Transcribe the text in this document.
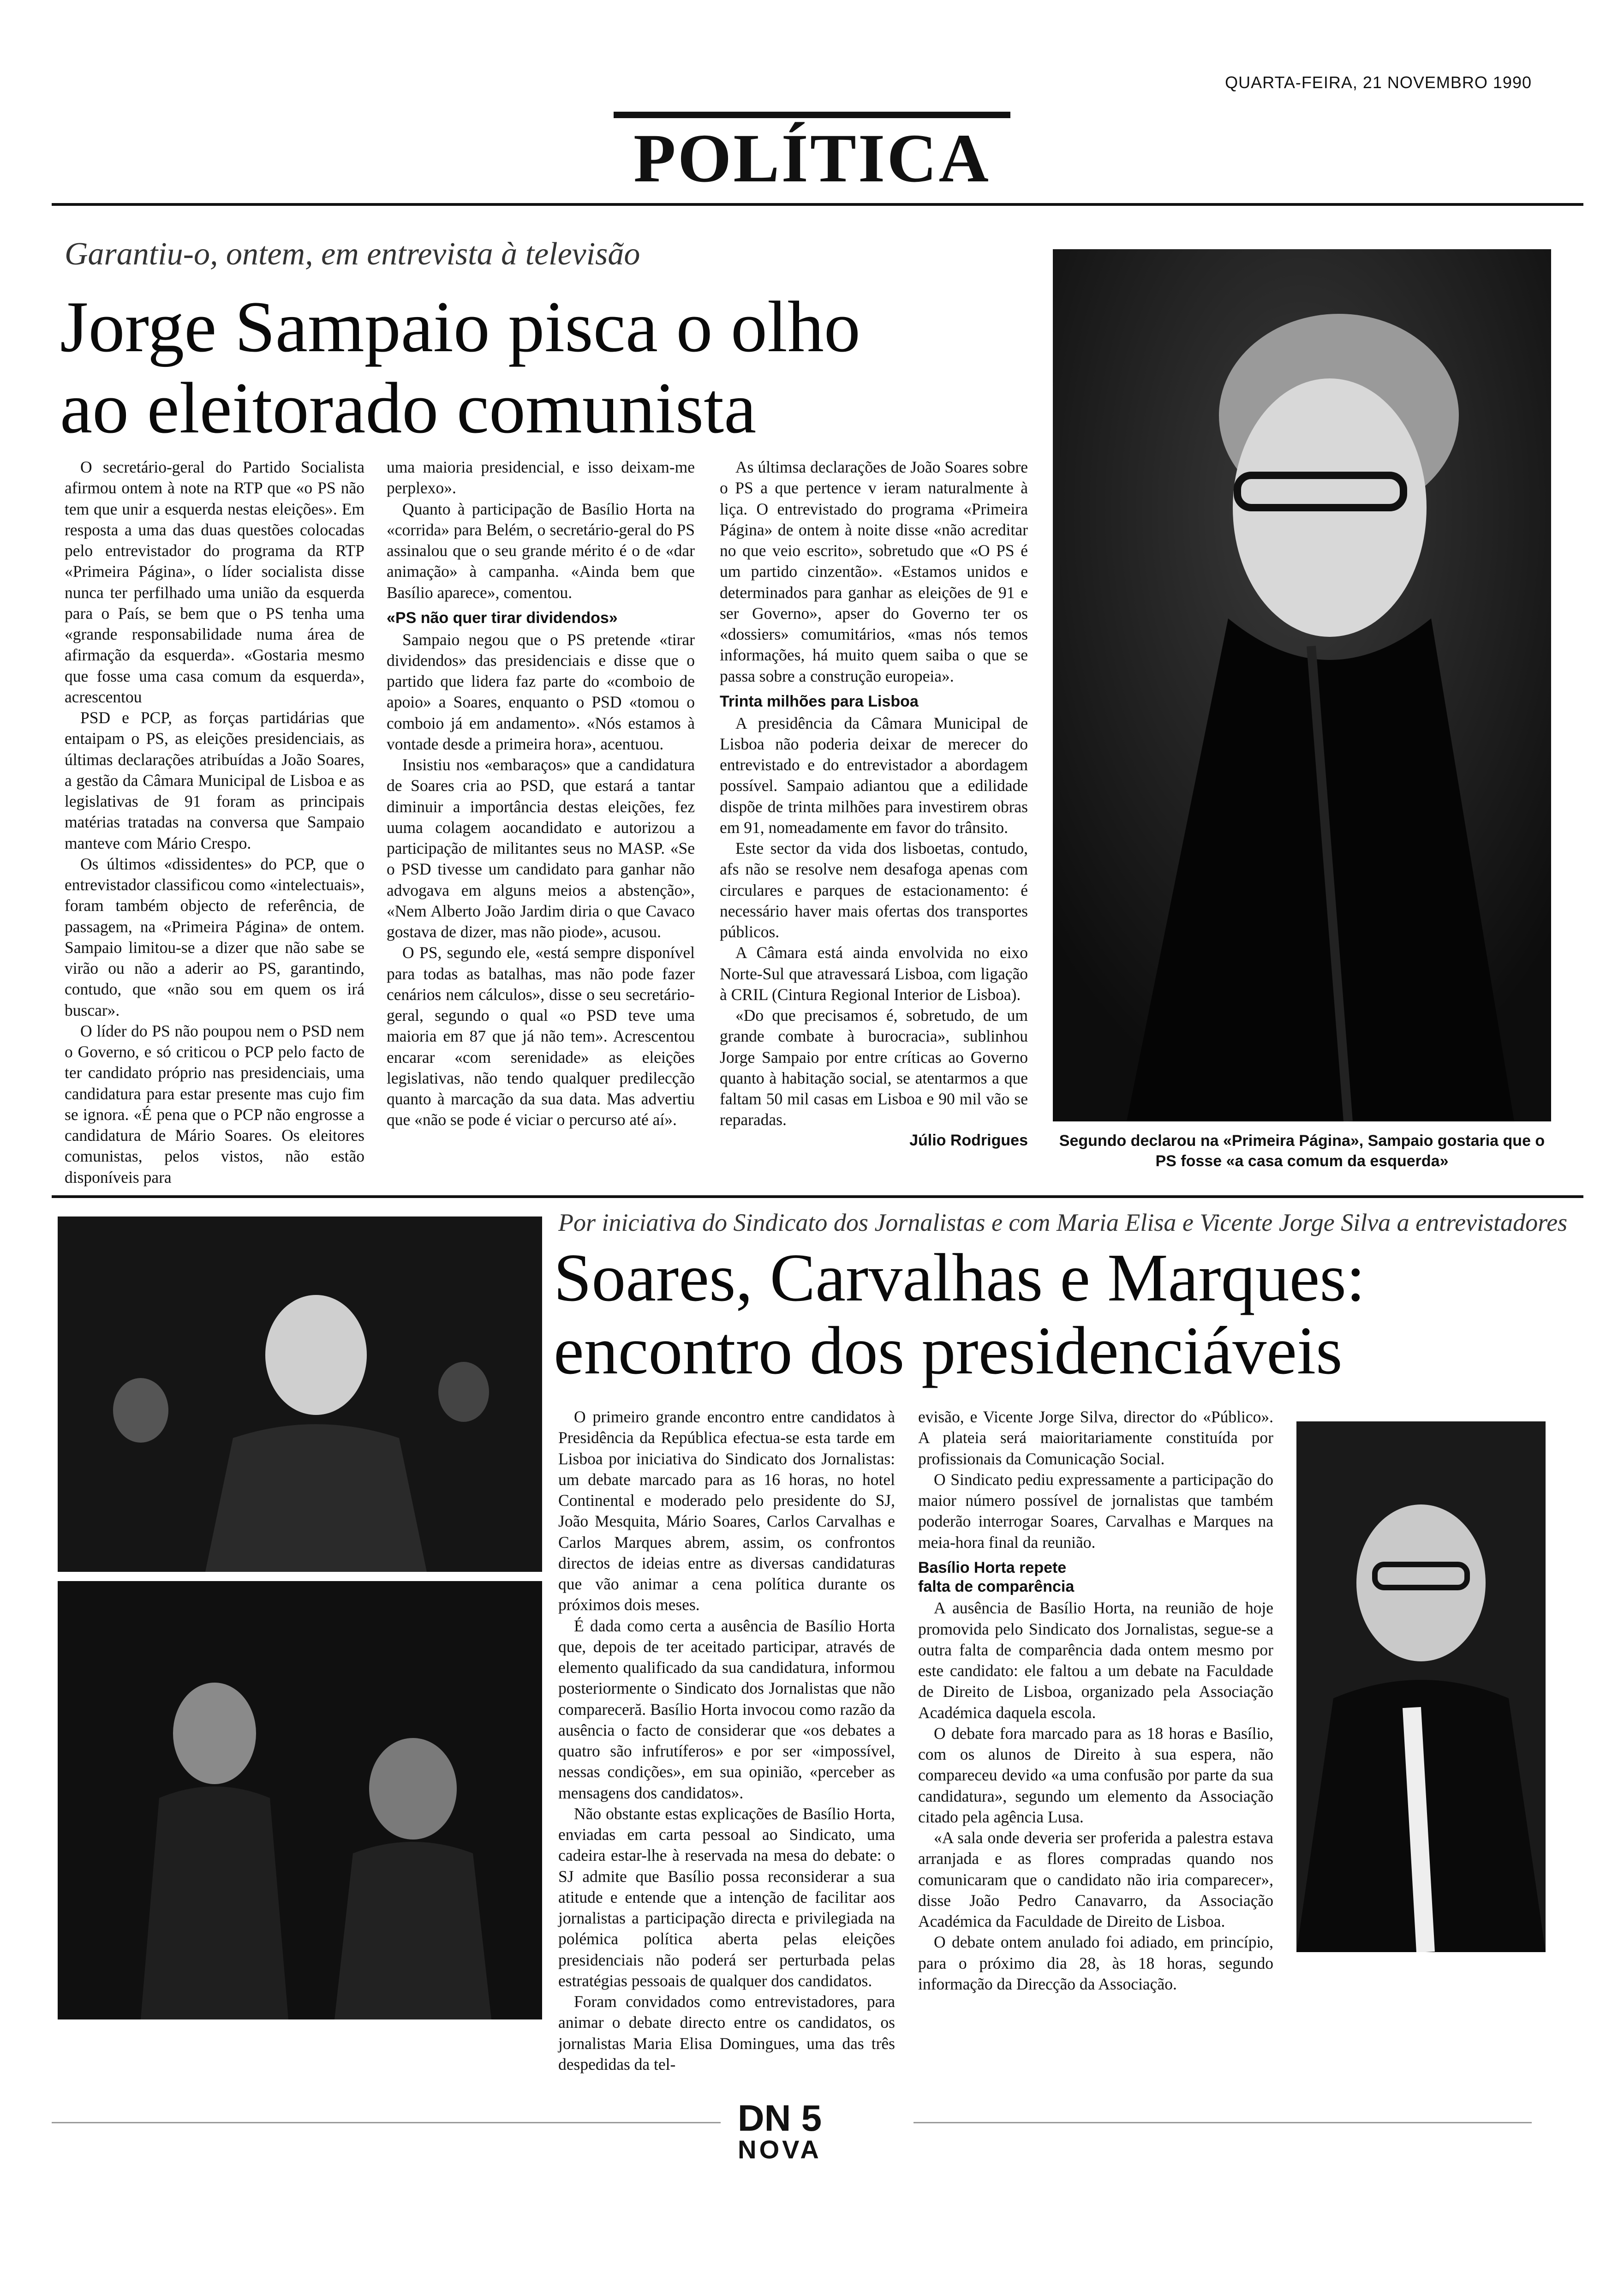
QUARTA-FEIRA, 21 NOVEMBRO 1990
POLÍTICA
Garantiu-o, ontem, em entrevista à televisão
Jorge Sampaio pisca o olho
ao eleitorado comunista

O secretário-geral do Partido Socialista afirmou ontem à note na RTP que «o PS não tem que unir a esquerda nestas eleições». Em resposta a uma das duas questões colocadas pelo entrevistador do programa da RTP «Primeira Página», o líder socialista disse nunca ter perfilhado uma união da esquerda para o País, se bem que o PS tenha uma «grande responsabilidade numa área de afirmação da esquerda». «Gostaria mesmo que fosse uma casa comum da esquerda», acrescentou

PSD e PCP, as forças partidárias que entaipam o PS, as eleições presidenciais, as últimas declarações atribuídas a João Soares, a gestão da Câmara Municipal de Lisboa e as legislativas de 91 foram as principais matérias tratadas na conversa que Sampaio manteve com Mário Crespo.

Os últimos «dissidentes» do PCP, que o entrevistador classificou como «intelectuais», foram também objecto de referência, de passagem, na «Primeira Página» de ontem. Sampaio limitou-se a dizer que não sabe se virão ou não a aderir ao PS, garantindo, contudo, que «não sou em quem os irá buscar».

O líder do PS não poupou nem o PSD nem o Governo, e só criticou o PCP pelo facto de ter candidato próprio nas presidenciais, uma candidatura para estar presente mas cujo fim se ignora. «É pena que o PCP não engrosse a candidatura de Mário Soares. Os eleitores comunistas, pelos vistos, não estão disponíveis para

uma maioria presidencial, e isso deixam-me perplexo».

Quanto à participação de Basílio Horta na «corrida» para Belém, o secretário-geral do PS assinalou que o seu grande mérito é o de «dar animação» à campanha. «Ainda bem que Basílio aparece», comentou.

«PS não quer tirar dividendos»

Sampaio negou que o PS pretende «tirar dividendos» das presidenciais e disse que o partido que lidera faz parte do «comboio de apoio» a Soares, enquanto o PSD «tomou o comboio já em andamento». «Nós estamos à vontade desde a primeira hora», acentuou.

Insistiu nos «embaraços» que a candidatura de Soares cria ao PSD, que estará a tantar diminuir a importância destas eleições, fez uuma colagem aocandidato e autorizou a participação de militantes seus no MASP. «Se o PSD tivesse um candidato para ganhar não advogava em alguns meios a abstenção», «Nem Alberto João Jardim diria o que Cavaco gostava de dizer, mas não piode», acusou.

O PS, segundo ele, «está sempre disponível para todas as batalhas, mas não pode fazer cenários nem cálculos», disse o seu secretário-geral, segundo o qual «o PSD teve uma maioria em 87 que já não tem». Acrescentou encarar «com serenidade» as eleições legislativas, não tendo qualquer predilecção quanto à marcação da sua data. Mas advertiu que «não se pode é viciar o percurso até aí».

As últimsa declarações de João Soares sobre o PS a que pertence v ieram naturalmente à liça. O entrevistado do programa «Primeira Página» de ontem à noite disse «não acreditar no que veio escrito», sobretudo que «O PS é um partido cinzentão». «Estamos unidos e determinados para ganhar as eleições de 91 e ser Governo», apser do Governo ter os «dossiers» comumitários, «mas nós temos informações, há muito quem saiba o que se passa sobre a construção europeia».

Trinta milhões para Lisboa

A presidência da Câmara Municipal de Lisboa não poderia deixar de merecer do entrevistado e do entrevistador a abordagem possível. Sampaio adiantou que a edilidade dispõe de trinta milhões para investirem obras em 91, nomeadamente em favor do trânsito.

Este sector da vida dos lisboetas, contudo, afs não se resolve nem desafoga apenas com circulares e parques de estacionamento: é necessário haver mais ofertas dos transportes públicos.

A Câmara está ainda envolvida no eixo Norte-Sul que atravessará Lisboa, com ligação à CRIL (Cintura Regional Interior de Lisboa).

«Do que precisamos é, sobretudo, de um grande combate à burocracia», sublinhou Jorge Sampaio por entre críticas ao Governo quanto à habitação social, se atentarmos a que faltam 50 mil casas em Lisboa e 90 mil vão se reparadas.

Júlio Rodrigues	Segundo declarou na «Primeira Página», Sampaio gostaria que o PS fosse «a casa comum da esquerda»
Por iniciativa do Sindicato dos Jornalistas e com Maria Elisa e Vicente Jorge Silva a entrevistadores
Soares, Carvalhas e Marques:
encontro dos presidenciáveis

O primeiro grande encontro entre candidatos à Presidência da República efectua-se esta tarde em Lisboa por iniciativa do Sindicato dos Jornalistas: um debate marcado para as 16 horas, no hotel Continental e moderado pelo presidente do SJ, João Mesquita, Mário Soares, Carlos Carvalhas e Carlos Marques abrem, assim, os confrontos directos de ideias entre as diversas candidaturas que vão animar a cena política durante os próximos dois meses.

É dada como certa a ausência de Basílio Horta que, depois de ter aceitado participar, através de elemento qualificado da sua candidatura, informou posteriormente o Sindicato dos Jornalistas que não compareceră. Basílio Horta invocou como razão da ausência o facto de considerar que «os debates a quatro são infrutíferos» e por ser «impossível, nessas condições», em sua opinião, «perceber as mensagens dos candidatos».

Não obstante estas explicações de Basílio Horta, enviadas em carta pessoal ao Sindicato, uma cadeira estar-lhe à reservada na mesa do debate: o SJ admite que Basílio possa reconsiderar a sua atitude e entende que a intenção de facilitar aos jornalistas a participação directa e privilegiada na polémica política aberta pelas eleições presidenciais não poderá ser perturbada pelas estratégias pessoais de qualquer dos candidatos.

Foram convidados como entrevistadores, para animar o debate directo entre os candidatos, os jornalistas Maria Elisa Domingues, uma das três despedidas da tel-

evisão, e Vicente Jorge Silva, director do «Público». A plateia será maioritariamente constituída por profissionais da Comunicação Social.

O Sindicato pediu expressamente a participação do maior número possível de jornalistas que também poderão interrogar Soares, Carvalhas e Marques na meia-hora final da reunião.

Basílio Horta repete
falta de comparência

A ausência de Basílio Horta, na reunião de hoje promovida pelo Sindicato dos Jornalistas, segue-se a outra falta de comparência dada ontem mesmo por este candidato: ele faltou a um debate na Faculdade de Direito de Lisboa, organizado pela Associação Académica daquela escola.

O debate fora marcado para as 18 horas e Basílio, com os alunos de Direito à sua espera, não compareceu devido «a uma confusão por parte da sua candidatura», segundo um elemento da Associação citado pela agência Lusa.

«A sala onde deveria ser proferida a palestra estava arranjada e as flores compradas quando nos comunicaram que o candidato não iria comparecer», disse João Pedro Canavarro, da Associação Académica da Faculdade de Direito de Lisboa.

O debate ontem anulado foi adiado, em princípio, para o próximo dia 28, às 18 horas, segundo informação da Direcção da Associação.

DN 5
NOVA
